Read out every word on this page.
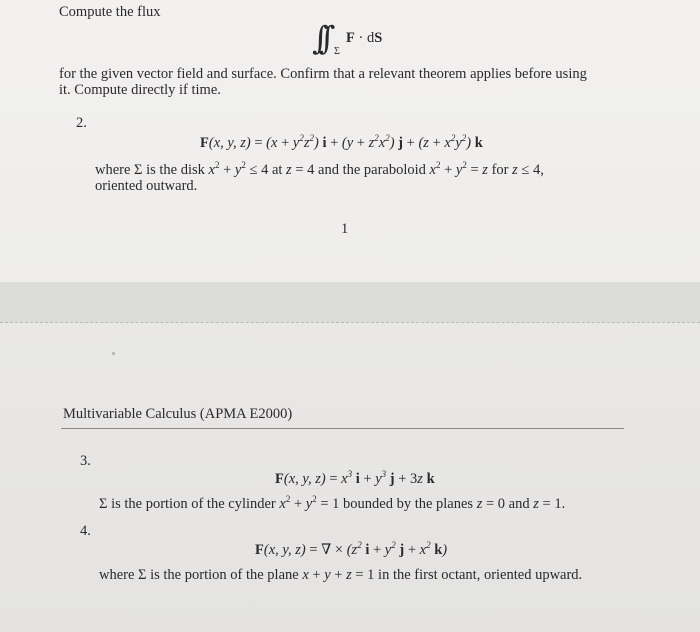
Compute the flux
∫∫ Σ
F · dS
for the given vector field and surface. Confirm that a relevant theorem applies before using
it. Compute directly if time.
2.
F(x, y, $z) = (x + y^2z^2)$ $i + (y + z^2x^2)$ $j + (z + x^2y^2)$ k
where Σ is the disk $x^2 + y^2 \le 4$ at z = 4 and the paraboloid $x^2 + y^2 = z$ for z ≤ 4,
oriented outward.
1
Multivariable Calculus (APMA E2000)
3.
F(x, y, $z) = x^3$ $i + y^3$ j + 3z k
Σ is the portion of the cylinder $x^2 + y^2 = 1$ bounded by the planes z = 0 and z = 1.
4.
F(x, y, z) = ∇ × ($z^2$ $i + y^2$ $j + x^2$ k)
where Σ is the portion of the plane x + y + z = 1 in the first octant, oriented upward.
